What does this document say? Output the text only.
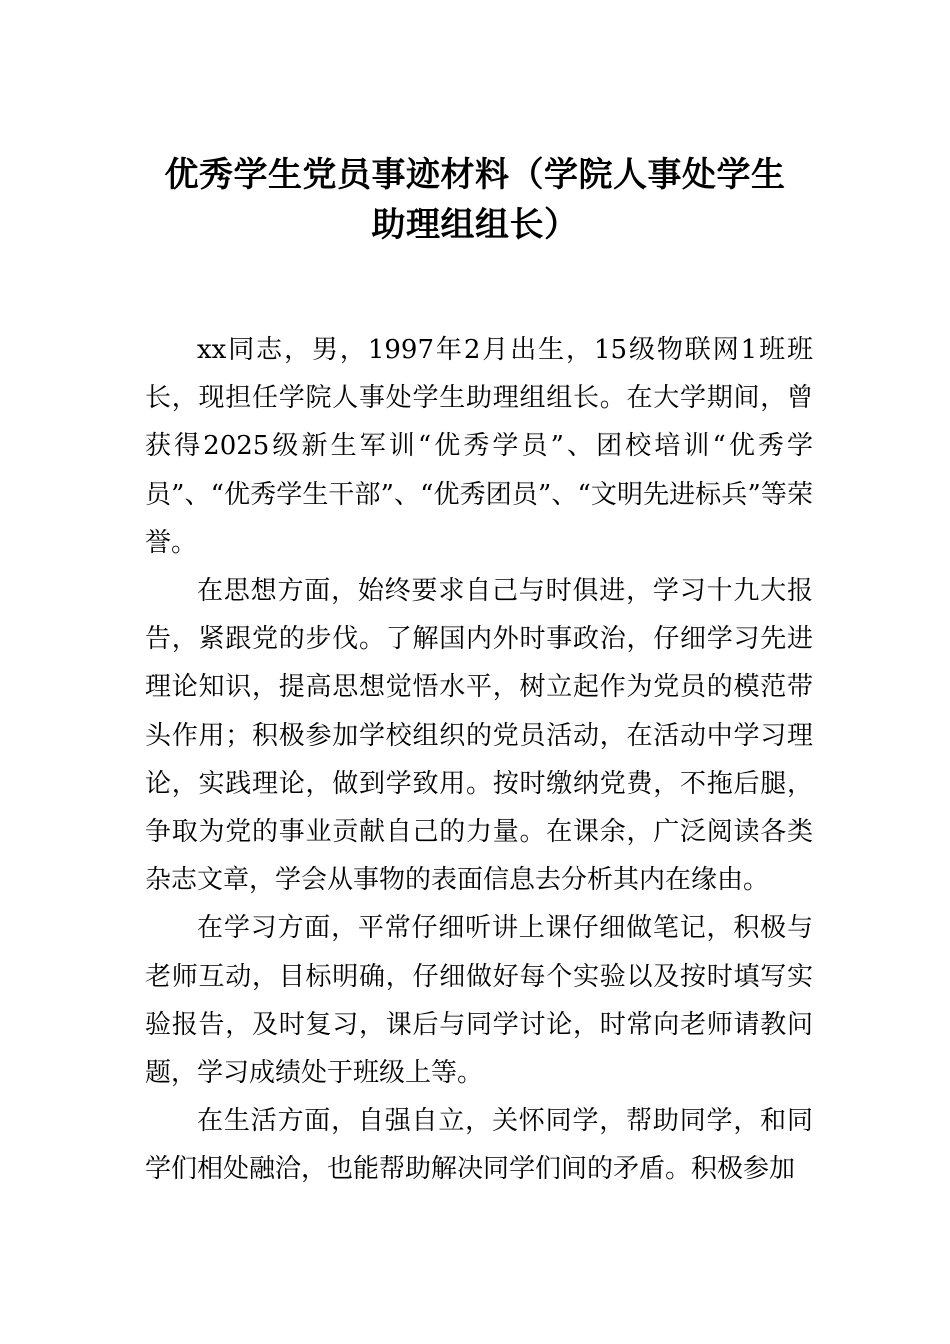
优秀学生党员事迹材料（学院人事处学生
助理组组长）

xx同志，男，1997年2月出生，15级物联网1班班长，现担任学院人事处学生助理组组长。在大学期间，曾获得2025级新生军训“优秀学员”、团校培训“优秀学员”、“优秀学生干部”、“优秀团员”、“文明先进标兵”等荣誉。

在思想方面，始终要求自己与时俱进，学习十九大报告，紧跟党的步伐。了解国内外时事政治，仔细学习先进理论知识，提高思想觉悟水平，树立起作为党员的模范带头作用；积极参加学校组织的党员活动，在活动中学习理论，实践理论，做到学致用。按时缴纳党费，不拖后腿，争取为党的事业贡献自己的力量。在课余，广泛阅读各类杂志文章，学会从事物的表面信息去分析其内在缘由。

在学习方面，平常仔细听讲上课仔细做笔记，积极与老师互动，目标明确，仔细做好每个实验以及按时填写实验报告，及时复习，课后与同学讨论，时常向老师请教问题，学习成绩处于班级上等。

在生活方面，自强自立，关怀同学，帮助同学，和同学们相处融洽，也能帮助解决同学们间的矛盾。积极参加
